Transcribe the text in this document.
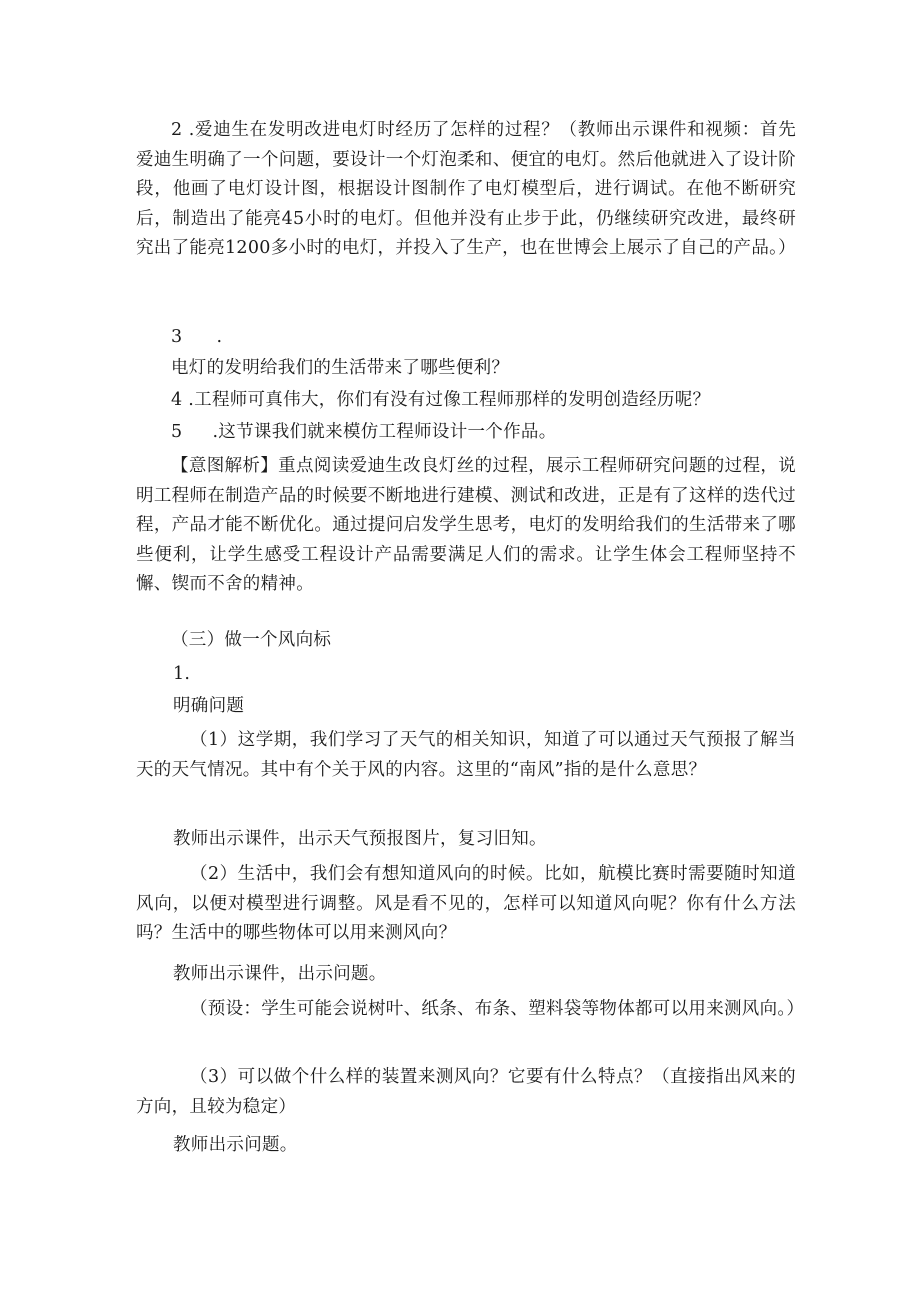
2 .爱迪生在发明改进电灯时经历了怎样的过程？（教师出示课件和视频：首先爱迪生明确了一个问题，要设计一个灯泡柔和、便宜的电灯。然后他就进入了设计阶段，他画了电灯设计图，根据设计图制作了电灯模型后，进行调试。在他不断研究后，制造出了能亮45小时的电灯。但他并没有止步于此，仍继续研究改进，最终研究出了能亮1200多小时的电灯，并投入了生产，也在世博会上展示了自己的产品。）

3 .

电灯的发明给我们的生活带来了哪些便利？

4 .工程师可真伟大，你们有没有过像工程师那样的发明创造经历呢？

5 .这节课我们就来模仿工程师设计一个作品。

【意图解析】重点阅读爱迪生改良灯丝的过程，展示工程师研究问题的过程，说明工程师在制造产品的时候要不断地进行建模、测试和改进，正是有了这样的迭代过程，产品才能不断优化。通过提问启发学生思考，电灯的发明给我们的生活带来了哪些便利，让学生感受工程设计产品需要满足人们的需求。让学生体会工程师坚持不懈、锲而不舍的精神。

（三）做一个风向标

1.

明确问题

（1）这学期，我们学习了天气的相关知识，知道了可以通过天气预报了解当天的天气情况。其中有个关于风的内容。这里的“南风”指的是什么意思？

教师出示课件，出示天气预报图片，复习旧知。

（2）生活中，我们会有想知道风向的时候。比如，航模比赛时需要随时知道风向，以便对模型进行调整。风是看不见的，怎样可以知道风向呢？你有什么方法吗？生活中的哪些物体可以用来测风向？

教师出示课件，出示问题。

（预设：学生可能会说树叶、纸条、布条、塑料袋等物体都可以用来测风向。）

（3）可以做个什么样的装置来测风向？它要有什么特点？（直接指出风来的方向，且较为稳定）

教师出示问题。
